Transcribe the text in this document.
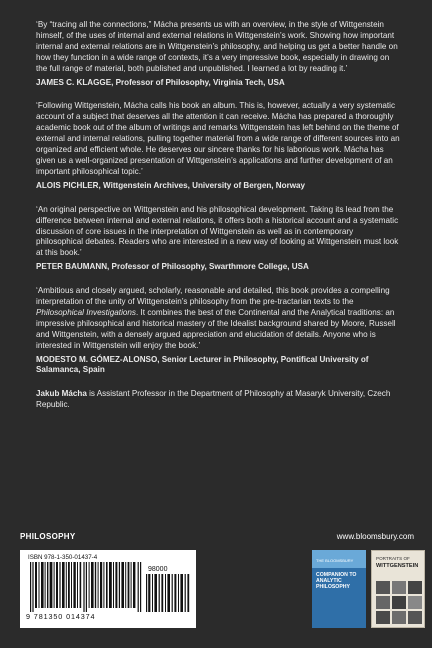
‘By “tracing all the connections,” Mácha presents us with an overview, in the style of Wittgenstein himself, of the uses of internal and external relations in Wittgenstein’s work. Showing how important internal and external relations are in Wittgenstein’s philosophy, and helping us get a better handle on how they function in a wide range of contexts, it’s a very impressive book, especially in drawing on the full range of material, both published and unpublished. I learned a lot by reading it.’

JAMES C. KLAGGE, Professor of Philosophy, Virginia Tech, USA

‘Following Wittgenstein, Mácha calls his book an album. This is, however, actually a very systematic account of a subject that deserves all the attention it can receive. Mácha has prepared a thoroughly academic book out of the album of writings and remarks Wittgenstein has left behind on the theme of external and internal relations, pulling together material from a wide range of different sources into an organized and efficient whole. He deserves our sincere thanks for his laborious work. Mácha has given us a well-organized presentation of Wittgenstein’s applications and further development of an important philosophical topic.’

ALOIS PICHLER, Wittgenstein Archives, University of Bergen, Norway

‘An original perspective on Wittgenstein and his philosophical development. Taking its lead from the difference between internal and external relations, it offers both a historical account and a systematic discussion of core issues in the interpretation of Wittgenstein as well as in contemporary philosophical debates. Readers who are interested in a new way of looking at Wittgenstein must look at this book.’

PETER BAUMANN, Professor of Philosophy, Swarthmore College, USA

‘Ambitious and closely argued, scholarly, reasonable and detailed, this book provides a compelling interpretation of the unity of Wittgenstein’s philosophy from the pre-tractarian texts to the Philosophical Investigations. It combines the best of the Continental and the Analytical traditions: an impressive philosophical and historical mastery of the Idealist background shared by Moore, Russell and Wittgenstein, with a densely argued appreciation and elucidation of details. Anyone who is interested in Wittgenstein will enjoy the book.’

MODESTO M. GÓMEZ-ALONSO, Senior Lecturer in Philosophy, Pontifical University of Salamanca, Spain

Jakub Mácha is Assistant Professor in the Department of Philosophy at Masaryk University, Czech Republic.

PHILOSOPHY	www.bloomsbury.com
ISBN 978-1-350-01437-4
98000
9 781350 014374
THE BLOOMSBURY
COMPANION TO ANALYTIC PHILOSOPHY
PORTRAITS OF
WITTGENSTEIN
